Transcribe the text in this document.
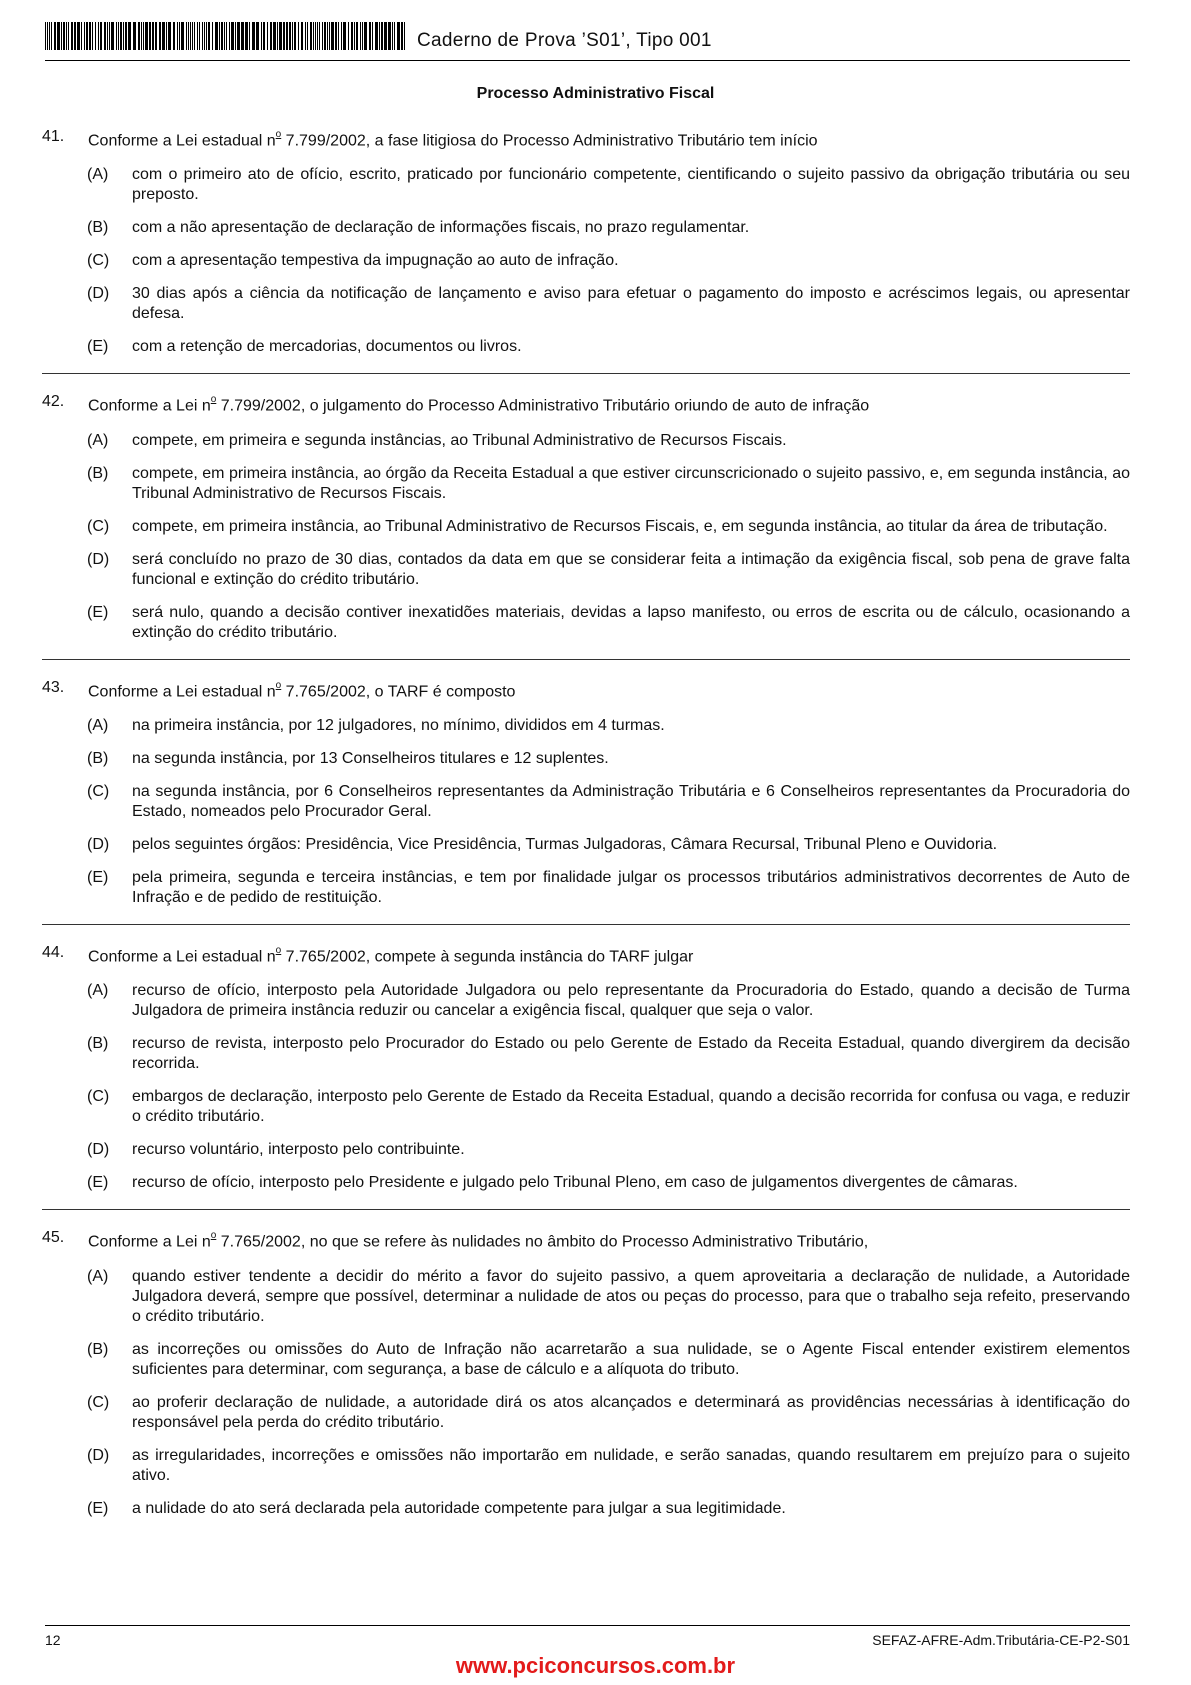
Caderno de Prova ’S01’, Tipo 001
Processo Administrativo Fiscal
41.	Conforme a Lei estadual $n^o$ 7.799/2002, a fase litigiosa do Processo Administrativo Tributário tem início
(A)	com o primeiro ato de ofício, escrito, praticado por funcionário competente, cientificando o sujeito passivo da obrigação tributária ou seu preposto.
(B)	com a não apresentação de declaração de informações fiscais, no prazo regulamentar.
(C)	com a apresentação tempestiva da impugnação ao auto de infração.
(D)	30 dias após a ciência da notificação de lançamento e aviso para efetuar o pagamento do imposto e acréscimos legais, ou apresentar defesa.
(E)	com a retenção de mercadorias, documentos ou livros.
42.	Conforme a Lei $n^o$ 7.799/2002, o julgamento do Processo Administrativo Tributário oriundo de auto de infração
(A)	compete, em primeira e segunda instâncias, ao Tribunal Administrativo de Recursos Fiscais.
(B)	compete, em primeira instância, ao órgão da Receita Estadual a que estiver circunscricionado o sujeito passivo, e, em segunda instância, ao Tribunal Administrativo de Recursos Fiscais.
(C)	compete, em primeira instância, ao Tribunal Administrativo de Recursos Fiscais, e, em segunda instância, ao titular da área de tributação.
(D)	será concluído no prazo de 30 dias, contados da data em que se considerar feita a intimação da exigência fiscal, sob pena de grave falta funcional e extinção do crédito tributário.
(E)	será nulo, quando a decisão contiver inexatidões materiais, devidas a lapso manifesto, ou erros de escrita ou de cálculo, ocasionando a extinção do crédito tributário.
43.	Conforme a Lei estadual $n^o$ 7.765/2002, o TARF é composto
(A)	na primeira instância, por 12 julgadores, no mínimo, divididos em 4 turmas.
(B)	na segunda instância, por 13 Conselheiros titulares e 12 suplentes.
(C)	na segunda instância, por 6 Conselheiros representantes da Administração Tributária e 6 Conselheiros representantes da Procuradoria do Estado, nomeados pelo Procurador Geral.
(D)	pelos seguintes órgãos: Presidência, Vice Presidência, Turmas Julgadoras, Câmara Recursal, Tribunal Pleno e Ouvidoria.
(E)	pela primeira, segunda e terceira instâncias, e tem por finalidade julgar os processos tributários administrativos decorrentes de Auto de Infração e de pedido de restituição.
44.	Conforme a Lei estadual $n^o$ 7.765/2002, compete à segunda instância do TARF julgar
(A)	recurso de ofício, interposto pela Autoridade Julgadora ou pelo representante da Procuradoria do Estado, quando a decisão de Turma Julgadora de primeira instância reduzir ou cancelar a exigência fiscal, qualquer que seja o valor.
(B)	recurso de revista, interposto pelo Procurador do Estado ou pelo Gerente de Estado da Receita Estadual, quando divergirem da decisão recorrida.
(C)	embargos de declaração, interposto pelo Gerente de Estado da Receita Estadual, quando a decisão recorrida for confusa ou vaga, e reduzir o crédito tributário.
(D)	recurso voluntário, interposto pelo contribuinte.
(E)	recurso de ofício, interposto pelo Presidente e julgado pelo Tribunal Pleno, em caso de julgamentos divergentes de câmaras.
45.	Conforme a Lei $n^o$ 7.765/2002, no que se refere às nulidades no âmbito do Processo Administrativo Tributário,
(A)	quando estiver tendente a decidir do mérito a favor do sujeito passivo, a quem aproveitaria a declaração de nulidade, a Autoridade Julgadora deverá, sempre que possível, determinar a nulidade de atos ou peças do processo, para que o trabalho seja refeito, preservando o crédito tributário.
(B)	as incorreções ou omissões do Auto de Infração não acarretarão a sua nulidade, se o Agente Fiscal entender existirem elementos suficientes para determinar, com segurança, a base de cálculo e a alíquota do tributo.
(C)	ao proferir declaração de nulidade, a autoridade dirá os atos alcançados e determinará as providências necessárias à identificação do responsável pela perda do crédito tributário.
(D)	as irregularidades, incorreções e omissões não importarão em nulidade, e serão sanadas, quando resultarem em prejuízo para o sujeito ativo.
(E)	a nulidade do ato será declarada pela autoridade competente para julgar a sua legitimidade.
12	SEFAZ-AFRE-Adm.Tributária-CE-P2-S01
www.pciconcursos.com.br
